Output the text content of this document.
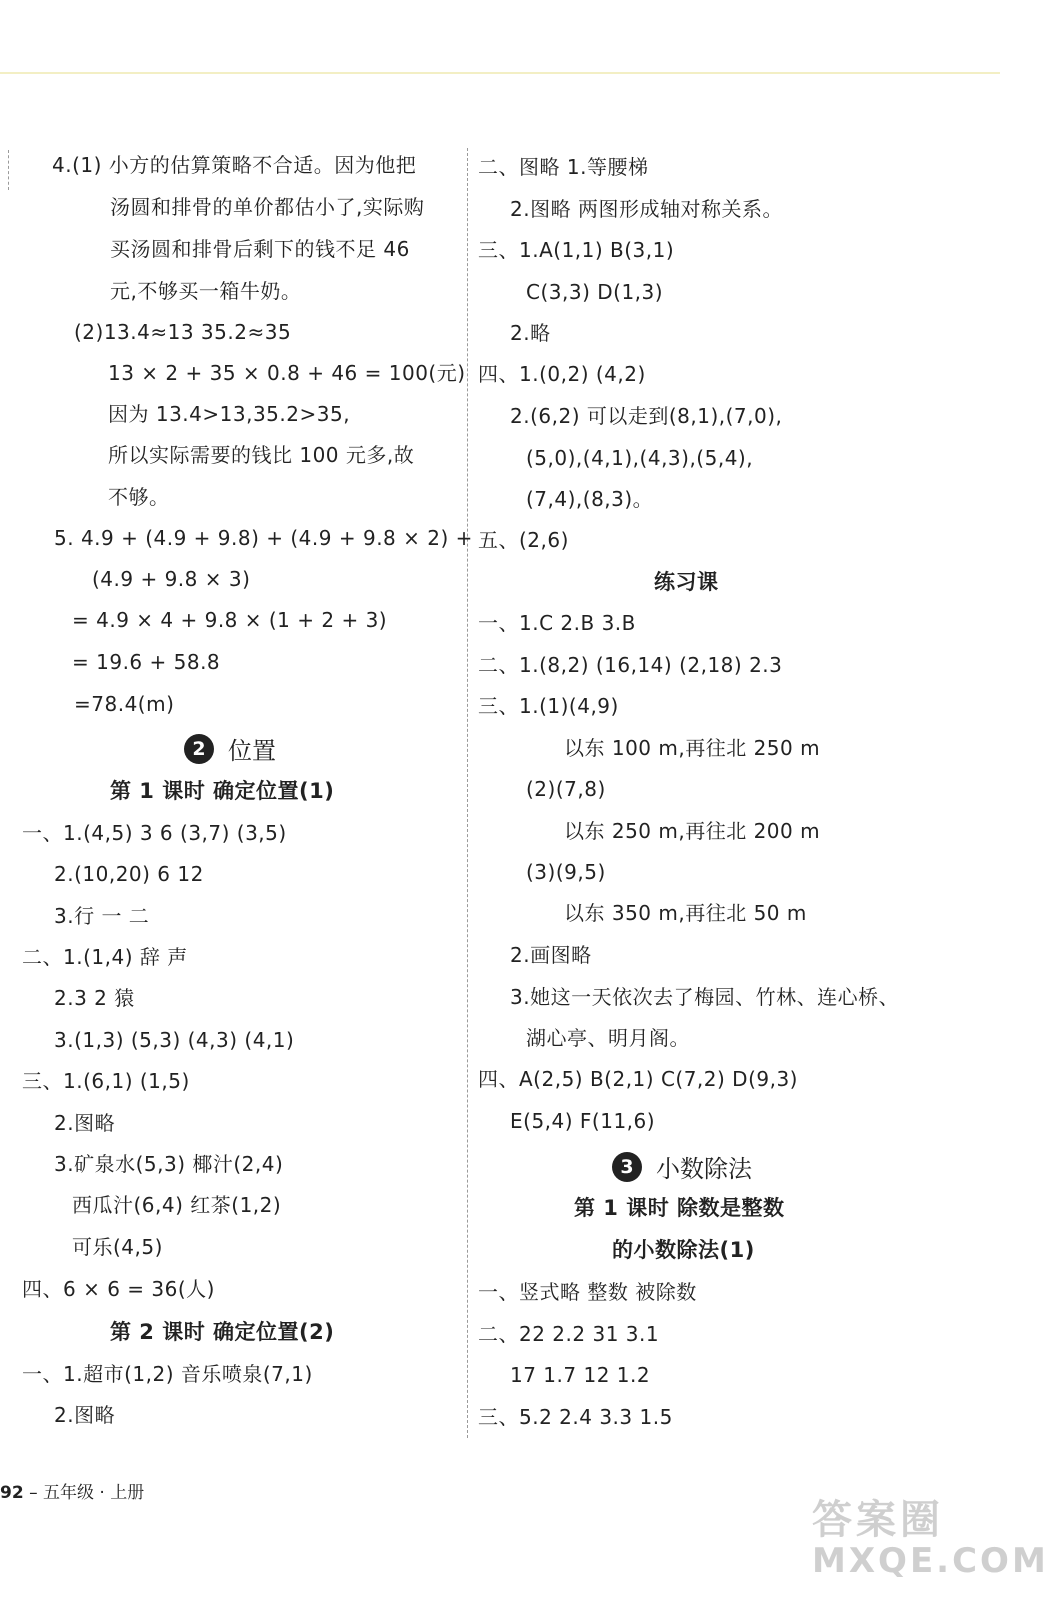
4.(1) 小方的估算策略不合适。因为他把
汤圆和排骨的单价都估小了,实际购
买汤圆和排骨后剩下的钱不足 46
元,不够买一箱牛奶。
(2)13.4≈13 35.2≈35
13 × 2 + 35 × 0.8 + 46 = 100(元)
因为 13.4>13,35.2>35,
所以实际需要的钱比 100 元多,故
不够。
5. 4.9 + (4.9 + 9.8) + (4.9 + 9.8 × 2) +
(4.9 + 9.8 × 3)
= 4.9 × 4 + 9.8 × (1 + 2 + 3)
= 19.6 + 58.8
=78.4(m)
2 位置
第 1 课时 确定位置(1)
一、1.(4,5) 3 6 (3,7) (3,5)
2.(10,20) 6 12
3.行 一 二
二、1.(1,4) 辞 声
2.3 2 猿
3.(1,3) (5,3) (4,3) (4,1)
三、1.(6,1) (1,5)
2.图略
3.矿泉水(5,3) 椰汁(2,4)
西瓜汁(6,4) 红茶(1,2)
可乐(4,5)
四、6 × 6 = 36(人)
第 2 课时 确定位置(2)
一、1.超市(1,2) 音乐喷泉(7,1)
2.图略
二、图略 1.等腰梯
2.图略 两图形成轴对称关系。
三、1.A(1,1) B(3,1)
C(3,3) D(1,3)
2.略
四、1.(0,2) (4,2)
2.(6,2) 可以走到(8,1),(7,0),
(5,0),(4,1),(4,3),(5,4),
(7,4),(8,3)。
五、(2,6)
练习课
一、1.C 2.B 3.B
二、1.(8,2) (16,14) (2,18) 2.3
三、1.(1)(4,9)
以东 100 m,再往北 250 m
(2)(7,8)
以东 250 m,再往北 200 m
(3)(9,5)
以东 350 m,再往北 50 m
2.画图略
3.她这一天依次去了梅园、竹林、连心桥、
湖心亭、明月阁。
四、A(2,5) B(2,1) C(7,2) D(9,3)
E(5,4) F(11,6)
3 小数除法
第 1 课时 除数是整数
的小数除法(1)
一、竖式略 整数 被除数
二、22 2.2 31 3.1
17 1.7 12 1.2
三、5.2 2.4 3.3 1.5
92 – 五年级 · 上册
答案圈
MXQE.COM
